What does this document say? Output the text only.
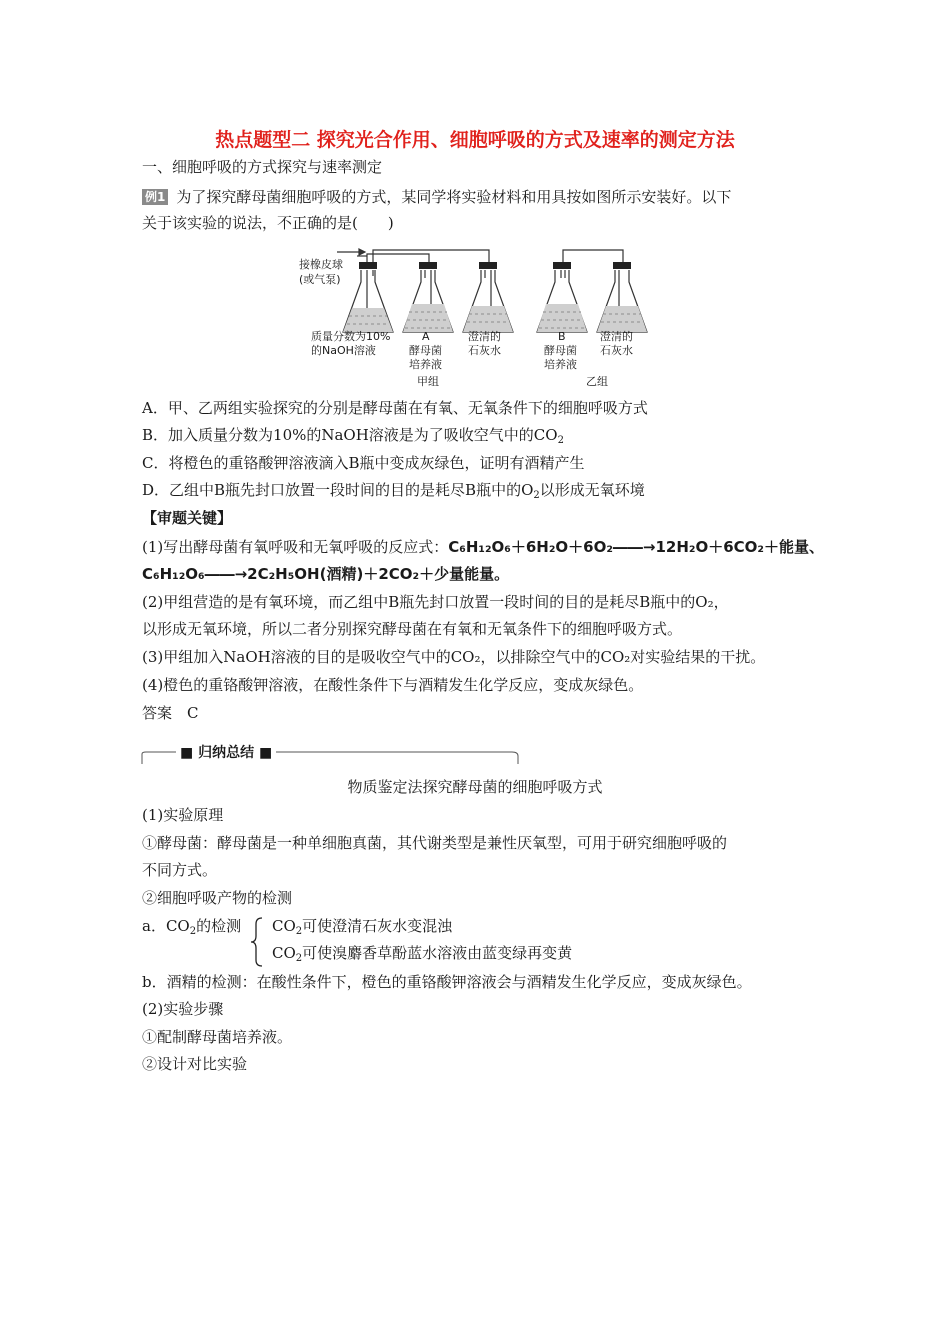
热点题型二 探究光合作用、细胞呼吸的方式及速率的测定方法
一、细胞呼吸的方式探究与速率测定
例1 为了探究酵母菌细胞呼吸的方式，某同学将实验材料和用具按如图所示安装好。以下
关于该实验的说法，不正确的是(　　)
接橡皮球
(或气泵)
质量分数为10%
的NaOH溶液
A
酵母菌
培养液
澄清的
石灰水
B
酵母菌
培养液
澄清的
石灰水
甲组	乙组
A．甲、乙两组实验探究的分别是酵母菌在有氧、无氧条件下的细胞呼吸方式
B．加入质量分数为10%的NaOH溶液是为了吸收空气中的$CO_2$
C．将橙色的重铬酸钾溶液滴入B瓶中变成灰绿色，证明有酒精产生
D．乙组中B瓶先封口放置一段时间的目的是耗尽B瓶中的$O_2$以形成无氧环境
【审题关键】
(1)写出酵母菌有氧呼吸和无氧呼吸的反应式：C₆H₁₂O₆＋6H₂O＋6O₂――→12H₂O＋6CO₂＋能量、
C₆H₁₂O₆――→2C₂H₅OH(酒精)＋2CO₂＋少量能量。
(2)甲组营造的是有氧环境，而乙组中B瓶先封口放置一段时间的目的是耗尽B瓶中的O₂，
以形成无氧环境，所以二者分别探究酵母菌在有氧和无氧条件下的细胞呼吸方式。
(3)甲组加入NaOH溶液的目的是吸收空气中的CO₂，以排除空气中的CO₂对实验结果的干扰。
(4)橙色的重铬酸钾溶液，在酸性条件下与酒精发生化学反应，变成灰绿色。
答案　C
■ 归纳总结 ■
物质鉴定法探究酵母菌的细胞呼吸方式
(1)实验原理
①酵母菌：酵母菌是一种单细胞真菌，其代谢类型是兼性厌氧型，可用于研究细胞呼吸的
不同方式。
②细胞呼吸产物的检测
a．$CO_2$的检测 $CO_2$可使澄清石灰水变混浊
$CO_2$可使溴麝香草酚蓝水溶液由蓝变绿再变黄
b．酒精的检测：在酸性条件下，橙色的重铬酸钾溶液会与酒精发生化学反应，变成灰绿色。
(2)实验步骤
①配制酵母菌培养液。
②设计对比实验
